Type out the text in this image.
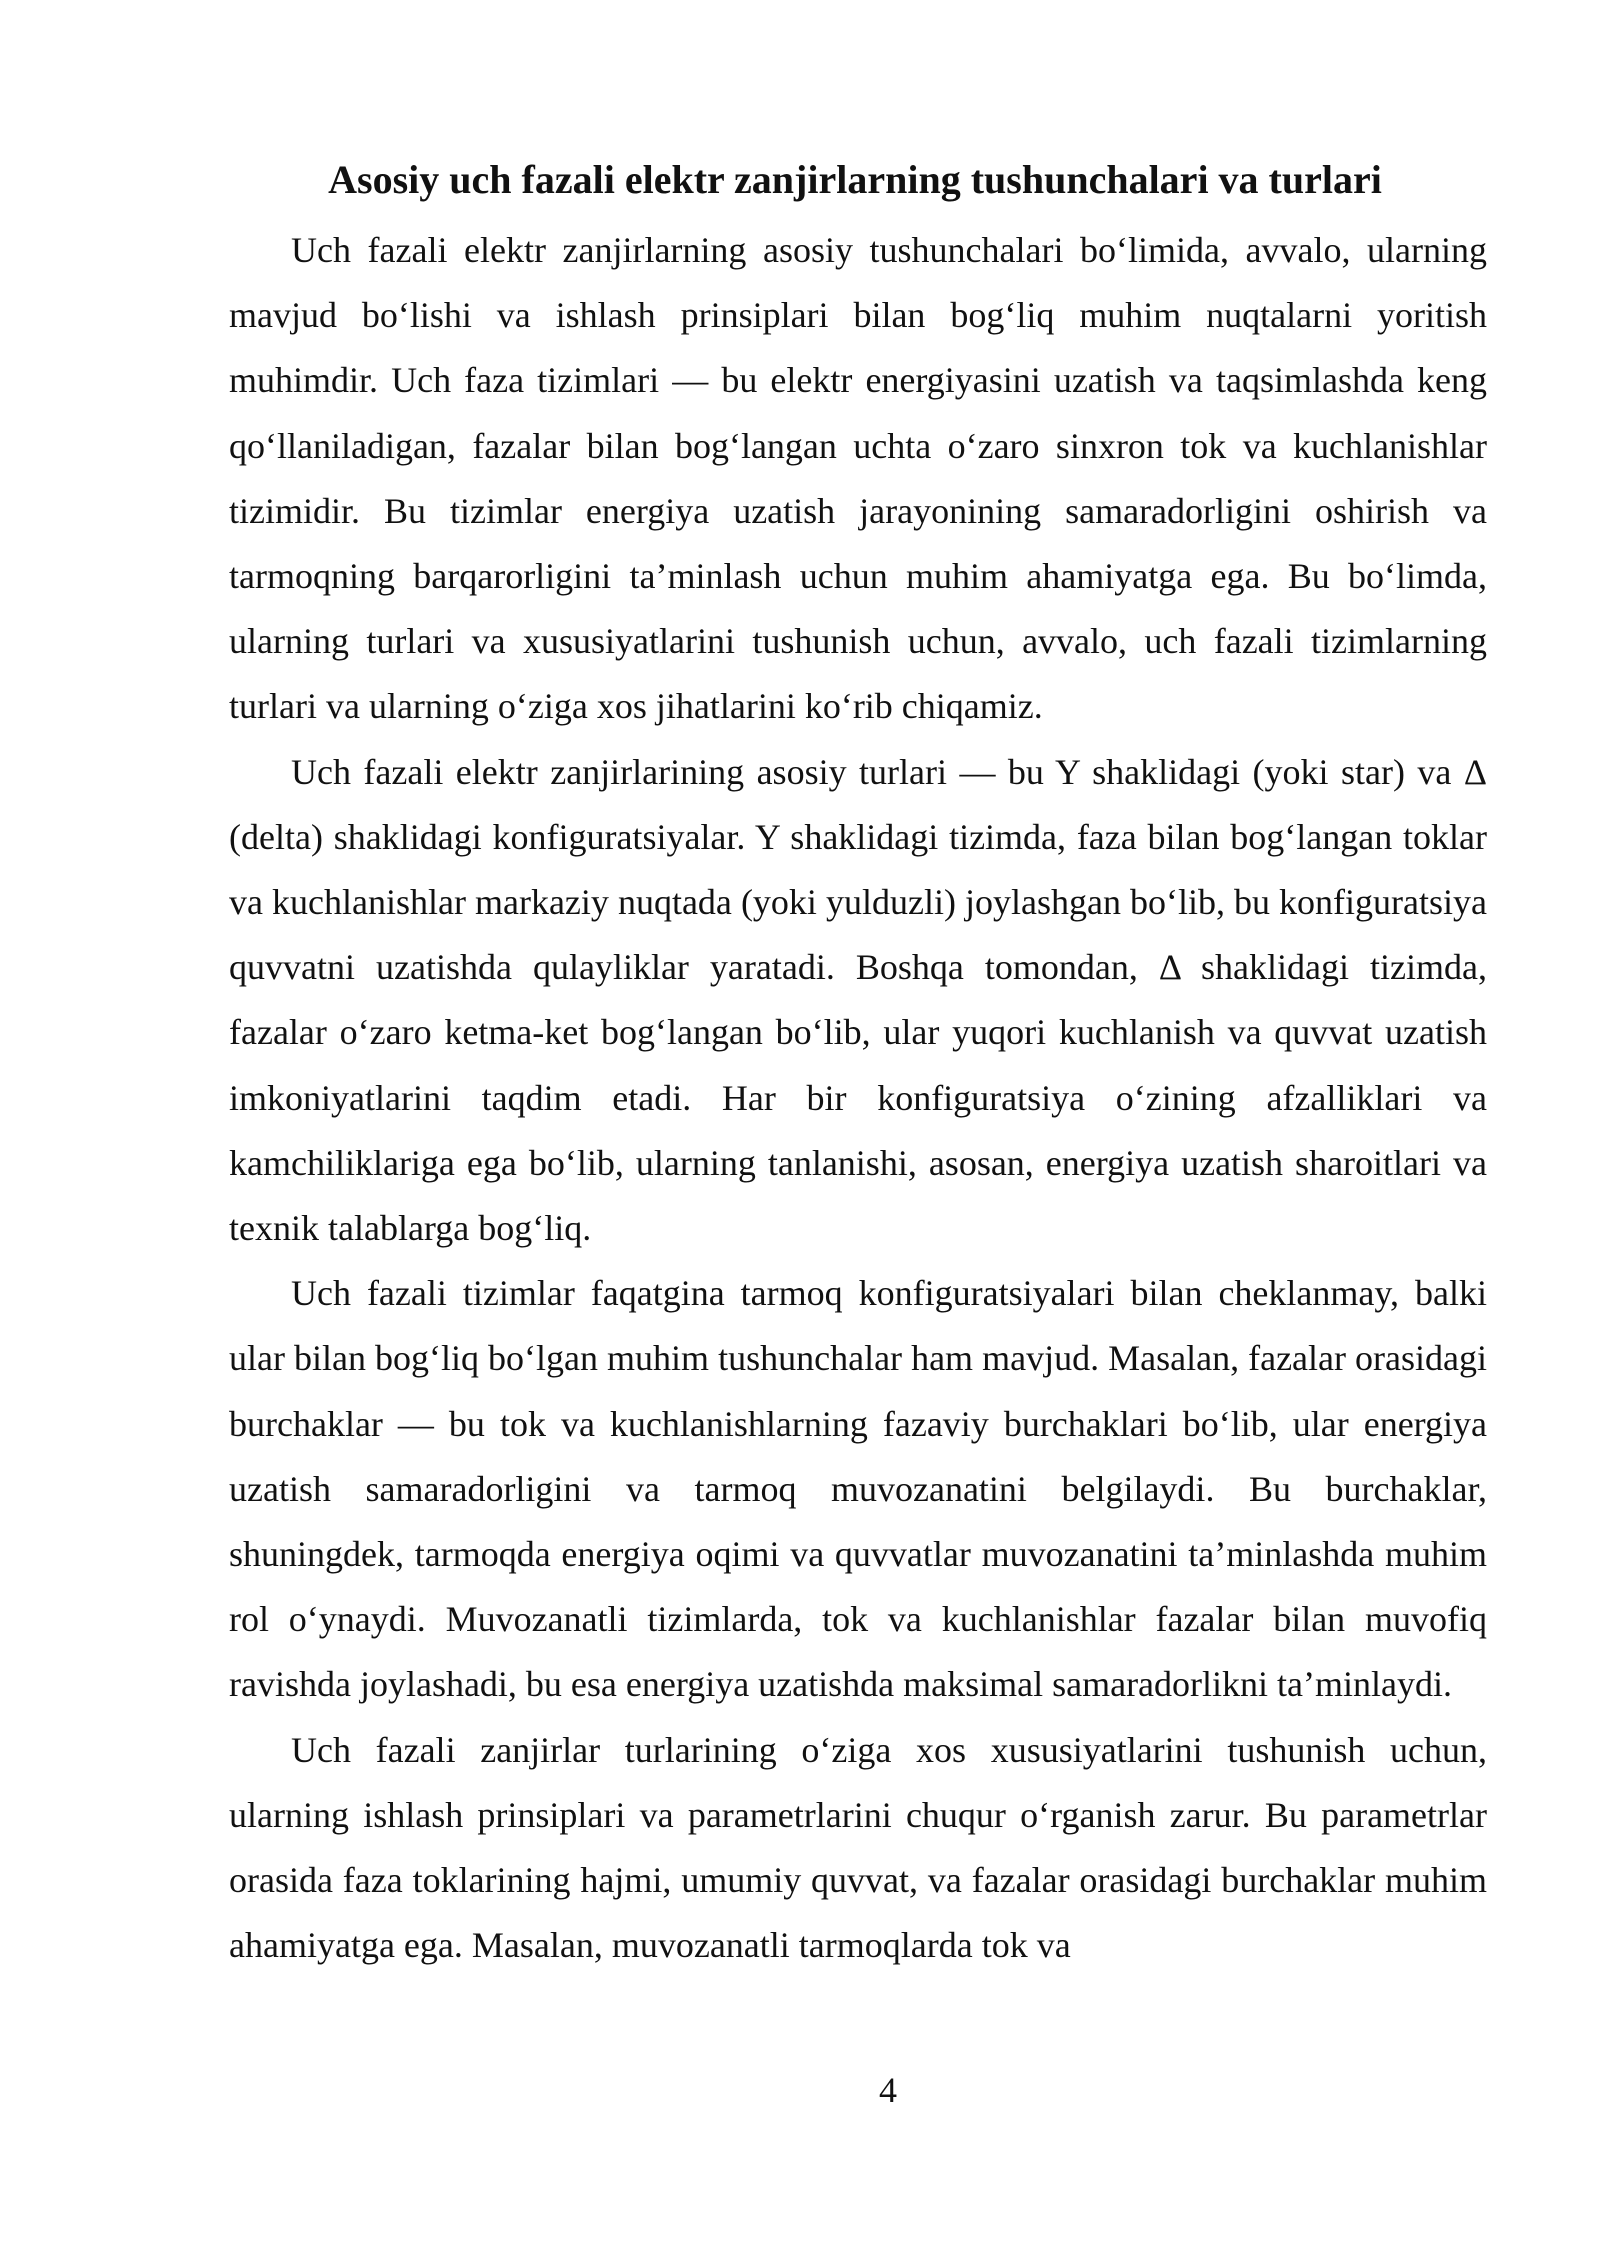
Asosiy uch fazali elektr zanjirlarning tushunchalari va turlari

Uch fazali elektr zanjirlarning asosiy tushunchalari bo‘limida, avvalo, ularning mavjud bo‘lishi va ishlash prinsiplari bilan bog‘liq muhim nuqtalarni yoritish muhimdir. Uch faza tizimlari — bu elektr energiyasini uzatish va taqsimlashda keng qo‘llaniladigan, fazalar bilan bog‘langan uchta o‘zaro sinxron tok va kuchlanishlar tizimidir. Bu tizimlar energiya uzatish jarayonining samaradorligini oshirish va tarmoqning barqarorligini ta’minlash uchun muhim ahamiyatga ega. Bu bo‘limda, ularning turlari va xususiyatlarini tushunish uchun, avvalo, uch fazali tizimlarning turlari va ularning o‘ziga xos jihatlarini ko‘rib chiqamiz.

Uch fazali elektr zanjirlarining asosiy turlari — bu Y shaklidagi (yoki star) va Δ (delta) shaklidagi konfiguratsiyalar. Y shaklidagi tizimda, faza bilan bog‘langan toklar va kuchlanishlar markaziy nuqtada (yoki yulduzli) joylashgan bo‘lib, bu konfiguratsiya quvvatni uzatishda qulayliklar yaratadi. Boshqa tomondan, Δ shaklidagi tizimda, fazalar o‘zaro ketma-ket bog‘langan bo‘lib, ular yuqori kuchlanish va quvvat uzatish imkoniyatlarini taqdim etadi. Har bir konfiguratsiya o‘zining afzalliklari va kamchiliklariga ega bo‘lib, ularning tanlanishi, asosan, energiya uzatish sharoitlari va texnik talablarga bog‘liq.

Uch fazali tizimlar faqatgina tarmoq konfiguratsiyalari bilan cheklanmay, balki ular bilan bog‘liq bo‘lgan muhim tushunchalar ham mavjud. Masalan, fazalar orasidagi burchaklar — bu tok va kuchlanishlarning fazaviy burchaklari bo‘lib, ular energiya uzatish samaradorligini va tarmoq muvozanatini belgilaydi. Bu burchaklar, shuningdek, tarmoqda energiya oqimi va quvvatlar muvozanatini ta’minlashda muhim rol o‘ynaydi. Muvozanatli tizimlarda, tok va kuchlanishlar fazalar bilan muvofiq ravishda joylashadi, bu esa energiya uzatishda maksimal samaradorlikni ta’minlaydi.

Uch fazali zanjirlar turlarining o‘ziga xos xususiyatlarini tushunish uchun, ularning ishlash prinsiplari va parametrlarini chuqur o‘rganish zarur. Bu parametrlar orasida faza toklarining hajmi, umumiy quvvat, va fazalar orasidagi burchaklar muhim ahamiyatga ega. Masalan, muvozanatli tarmoqlarda tok va

4
